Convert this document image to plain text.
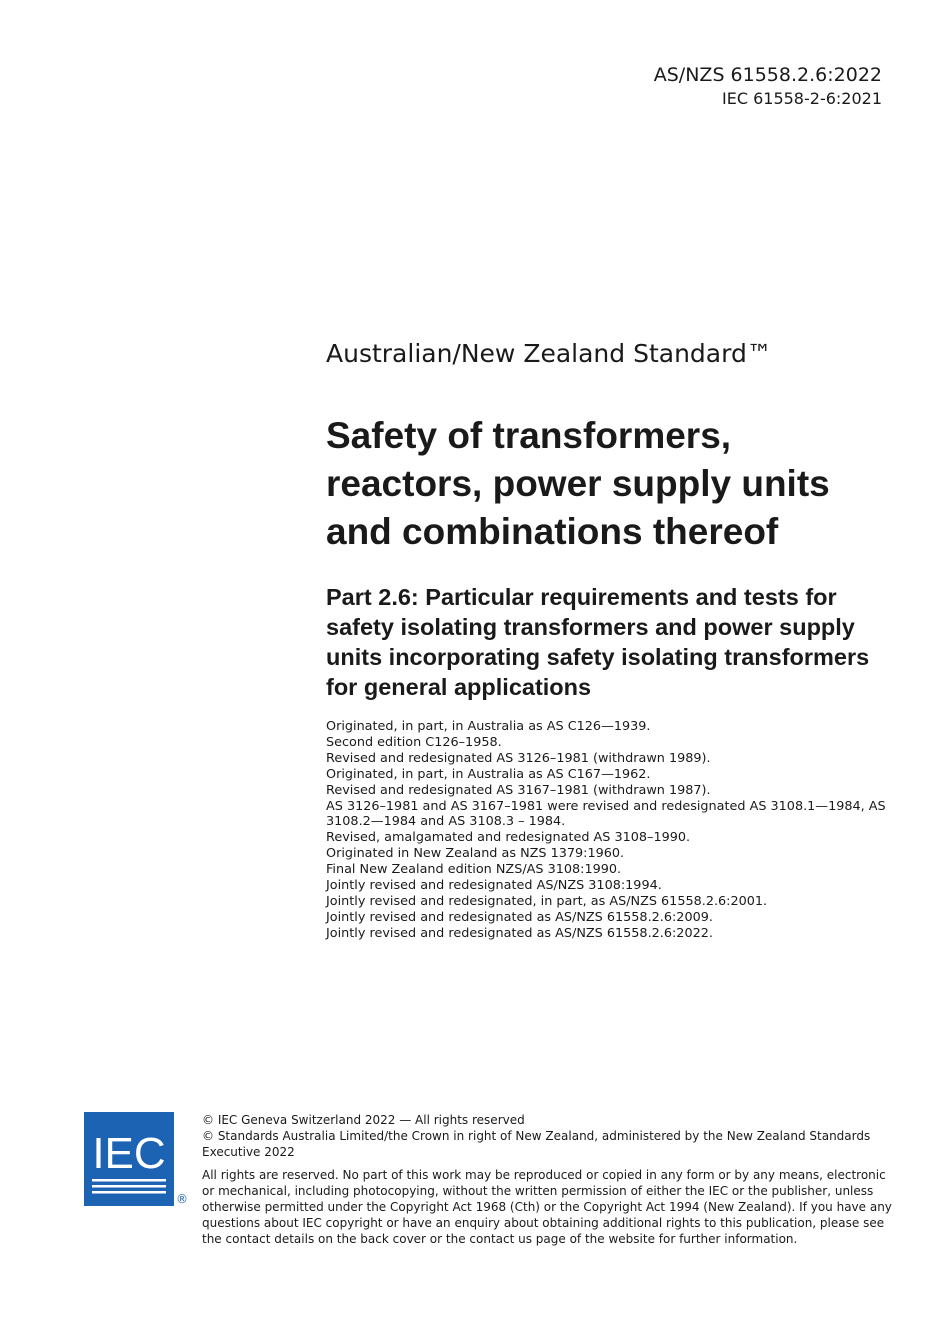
AS/NZS 61558.2.6:2022
IEC 61558-2-6:2021
Australian/New Zealand Standard™
Safety of transformers,
reactors, power supply units
and combinations thereof
Part 2.6: Particular requirements and tests for
safety isolating transformers and power supply
units incorporating safety isolating transformers
for general applications
Originated, in part, in Australia as AS C126—1939.
Second edition C126–1958.
Revised and redesignated AS 3126–1981 (withdrawn 1989).
Originated, in part, in Australia as AS C167—1962.
Revised and redesignated AS 3167–1981 (withdrawn 1987).
AS 3126–1981 and AS 3167–1981 were revised and redesignated AS 3108.1—1984, AS 3108.2—1984 and AS 3108.3 – 1984.
Revised, amalgamated and redesignated AS 3108–1990.
Originated in New Zealand as NZS 1379:1960.
Final New Zealand edition NZS/AS 3108:1990.
Jointly revised and redesignated AS/NZS 3108:1994.
Jointly revised and redesignated, in part, as AS/NZS 61558.2.6:2001.
Jointly revised and redesignated as AS/NZS 61558.2.6:2009.
Jointly revised and redesignated as AS/NZS 61558.2.6:2022.
IEC
®
© IEC Geneva Switzerland 2022 — All rights reserved
© Standards Australia Limited/the Crown in right of New Zealand, administered by the New Zealand Standards Executive 2022
All rights are reserved. No part of this work may be reproduced or copied in any form or by any means, electronic or mechanical, including photocopying, without the written permission of either the IEC or the publisher, unless otherwise permitted under the Copyright Act 1968 (Cth) or the Copyright Act 1994 (New Zealand). If you have any questions about IEC copyright or have an enquiry about obtaining additional rights to this publication, please see the contact details on the back cover or the contact us page of the website for further information.
